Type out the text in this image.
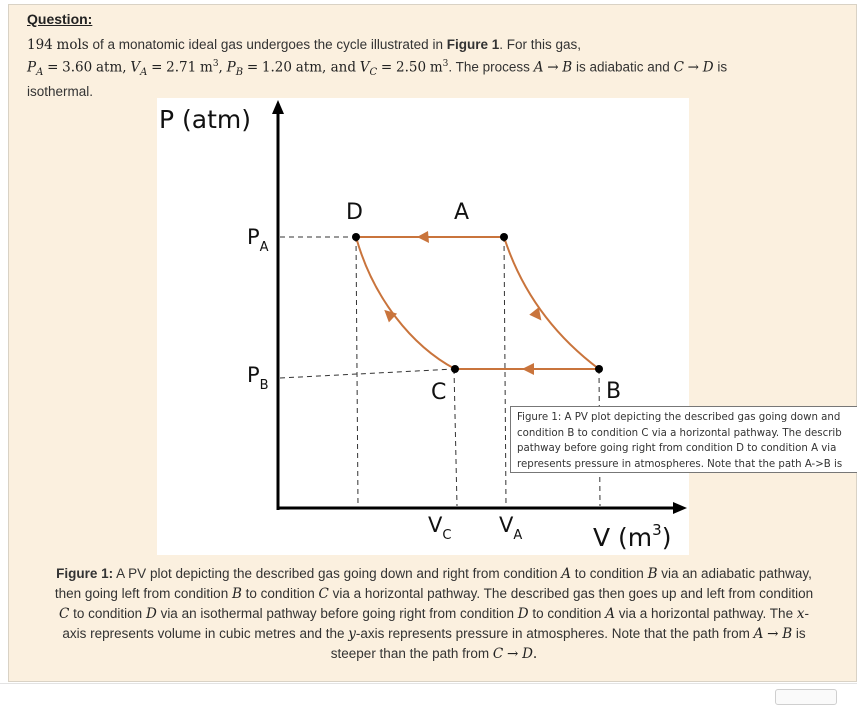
Question:
194 mols of a monatomic ideal gas undergoes the cycle illustrated in Figure 1. For this gas,
$P_A = 3.60$ atm, $V_A = 2.71$ $m^3$, $P_B = 1.20$ atm, and $V_C = 2.50$ $m^3$. The process A → B is adiabatic and C → D is
isothermal.
Figure 1: A PV plot depicting the described gas going down and right from condition A to condition B via an adiabatic pathway,
then going left from condition B to condition C via a horizontal pathway. The described gas then goes up and left from condition
C to condition D via an isothermal pathway before going right from condition D to condition A via a horizontal pathway. The x-
axis represents volume in cubic metres and the y-axis represents pressure in atmospheres. Note that the path from A → B is
steeper than the path from C → D.
P (atm)
V $(m^3)$
$P_A$
$P_B$
$V_C$ $V_A$
D	A
B
C
Figure 1: A PV plot depicting the described gas going down and
condition B to condition C via a horizontal pathway. The describ
pathway before going right from condition D to condition A via
represents pressure in atmospheres. Note that the path A->B is
